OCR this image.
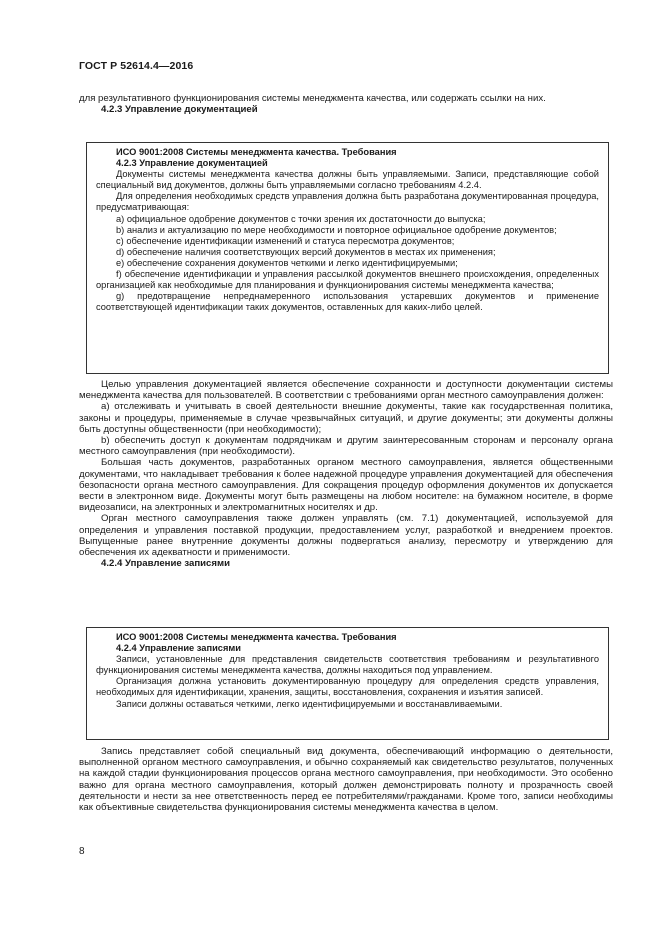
ГОСТ Р 52614.4—2016

для результативного функционирования системы менеджмента качества, или содержать ссылки на них.

4.2.3 Управление документацией

ИСО 9001:2008 Системы менеджмента качества. Требования

4.2.3 Управление документацией

Документы системы менеджмента качества должны быть управляемыми. Записи, представляющие собой специальный вид документов, должны быть управляемыми согласно требованиям 4.2.4.

Для определения необходимых средств управления должна быть разработана документированная процедура, предусматривающая:

a) официальное одобрение документов с точки зрения их достаточности до выпуска;

b) анализ и актуализацию по мере необходимости и повторное официальное одобрение документов;

c) обеспечение идентификации изменений и статуса пересмотра документов;

d) обеспечение наличия соответствующих версий документов в местах их применения;

e) обеспечение сохранения документов четкими и легко идентифицируемыми;

f) обеспечение идентификации и управления рассылкой документов внешнего происхождения, определенных организацией как необходимые для планирования и функционирования системы менеджмента качества;

g) предотвращение непреднамеренного использования устаревших документов и применение соответствующей идентификации таких документов, оставленных для каких-либо целей.

Целью управления документацией является обеспечение сохранности и доступности документации системы менеджмента качества для пользователей. В соответствии с требованиями орган местного самоуправления должен:

a) отслеживать и учитывать в своей деятельности внешние документы, такие как государственная политика, законы и процедуры, применяемые в случае чрезвычайных ситуаций, и другие документы; эти документы должны быть доступны общественности (при необходимости);

b) обеспечить доступ к документам подрядчикам и другим заинтересованным сторонам и персоналу органа местного самоуправления (при необходимости).

Большая часть документов, разработанных органом местного самоуправления, является общественными документами, что накладывает требования к более надежной процедуре управления документацией для обеспечения безопасности органа местного самоуправления. Для сокращения процедур оформления документов их допускается вести в электронном виде. Документы могут быть размещены на любом носителе: на бумажном носителе, в форме видеозаписи, на электронных и электромагнитных носителях и др.

Орган местного самоуправления также должен управлять (см. 7.1) документацией, используемой для определения и управления поставкой продукции, предоставлением услуг, разработкой и внедрением проектов. Выпущенные ранее внутренние документы должны подвергаться анализу, пересмотру и утверждению для обеспечения их адекватности и применимости.

4.2.4 Управление записями

ИСО 9001:2008 Системы менеджмента качества. Требования

4.2.4 Управление записями

Записи, установленные для представления свидетельств соответствия требованиям и результативного функционирования системы менеджмента качества, должны находиться под управлением.

Организация должна установить документированную процедуру для определения средств управления, необходимых для идентификации, хранения, защиты, восстановления, сохранения и изъятия записей.

Записи должны оставаться четкими, легко идентифицируемыми и восстанавливаемыми.

Запись представляет собой специальный вид документа, обеспечивающий информацию о деятельности, выполненной органом местного самоуправления, и обычно сохраняемый как свидетельство результатов, полученных на каждой стадии функционирования процессов органа местного самоуправления, при необходимости. Это особенно важно для органа местного самоуправления, который должен демонстрировать полноту и прозрачность своей деятельности и нести за нее ответственность перед ее потребителями/гражданами. Кроме того, записи необходимы как объективные свидетельства функционирования системы менеджмента качества в целом.

8
